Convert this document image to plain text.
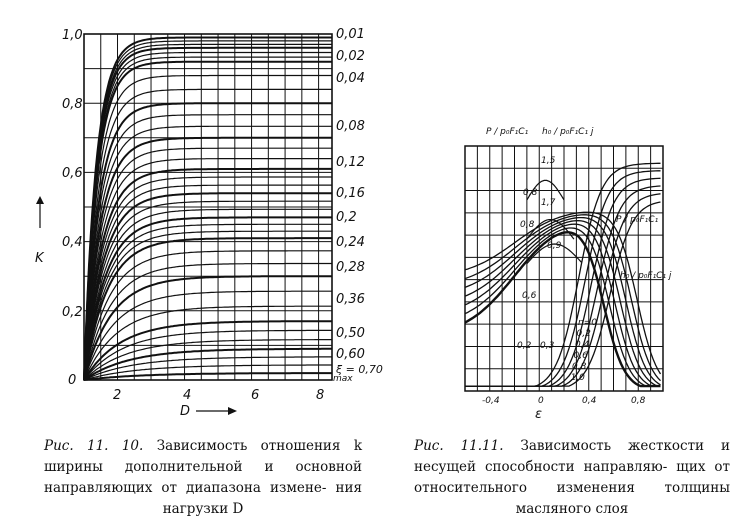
1,0
0,8
0,6
0,4
0,2
0
2	4	6	8
K
D
0,01
0,02
0,04
0,08
0,12
0,16
0,2
0,24
0,28
0,36
0,50
0,60
ξ = 0,70
max
-0,4	0	0,4	0,8
ε
P / p₀F₁C₁ h₀ / p₀F₁C₁ j
P / p₀F₁C₁
h₀ / p₀F₁C₁ j
1,5
1,7
0,8
0,9
0,8
0,6
0,2 0,3
n=0
0,2
0,4
0,6
0,8
1,0
Рис. 11. 10. Зависимость отношения k ширины дополнительной и основной направляющих от диапазона измене- ния нагрузки D
Рис. 11.11. Зависимость жесткости и несущей способности направляю- щих от относительного изменения толщины масляного слоя
